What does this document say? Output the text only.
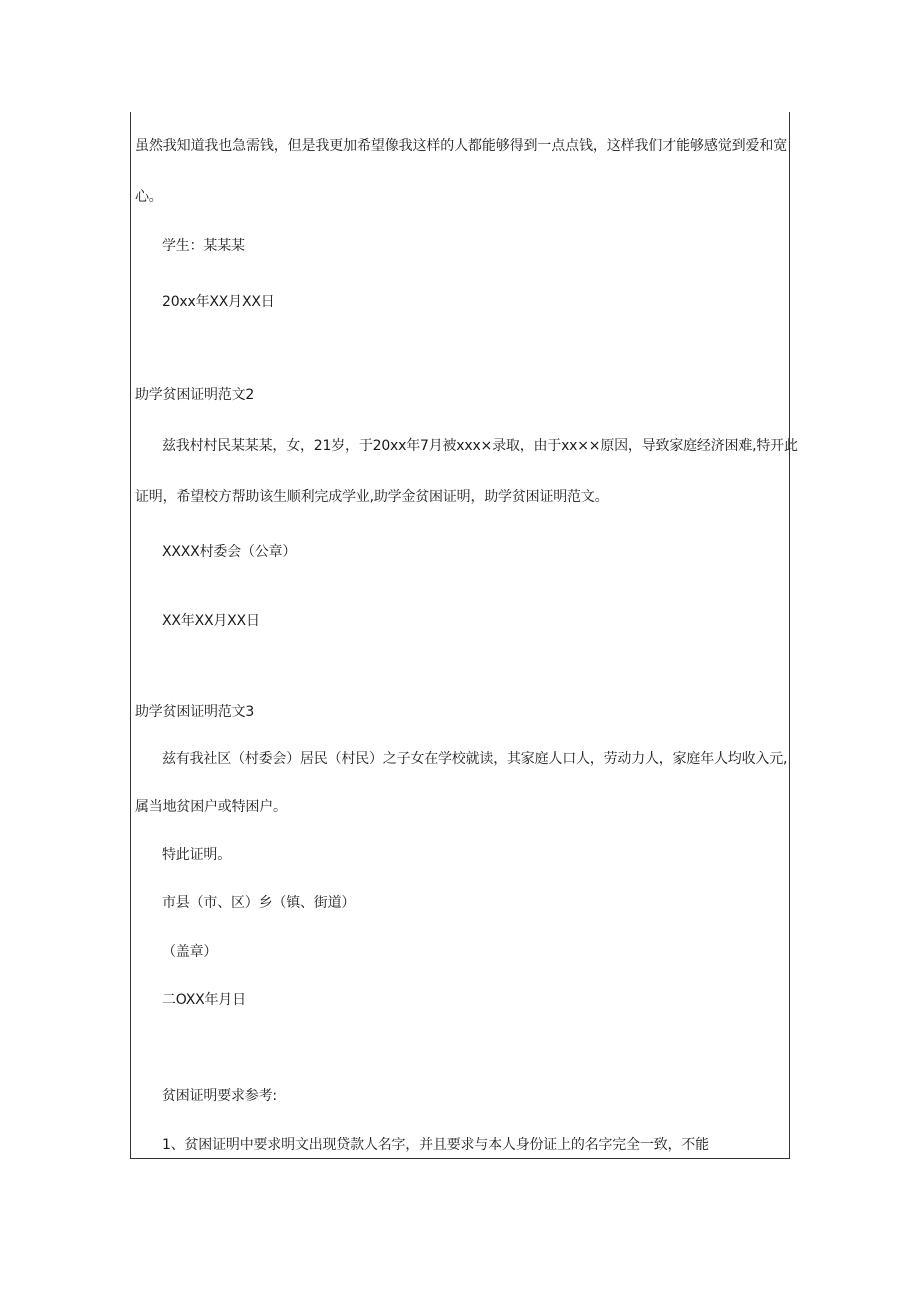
虽然我知道我也急需钱，但是我更加希望像我这样的人都能够得到一点点钱，这样我们才能够感觉到爱和宽
心。
学生：某某某
20xx年XX月XX日
助学贫困证明范文2
兹我村村民某某某，女，21岁，于20xx年7月被xxx×录取，由于xx××原因，导致家庭经济困难,特开此
证明，希望校方帮助该生顺利完成学业,助学金贫困证明，助学贫困证明范文。
XXXX村委会（公章）
XX年XX月XX日
助学贫困证明范文3
兹有我社区（村委会）居民（村民）之子女在学校就读，其家庭人口人，劳动力人，家庭年人均收入元,
属当地贫困户或特困户。
特此证明。
市县（市、区）乡（镇、街道）
（盖章）
二OXX年月日
贫困证明要求参考:
1、贫困证明中要求明文出现贷款人名字，并且要求与本人身份证上的名字完全一致，不能
